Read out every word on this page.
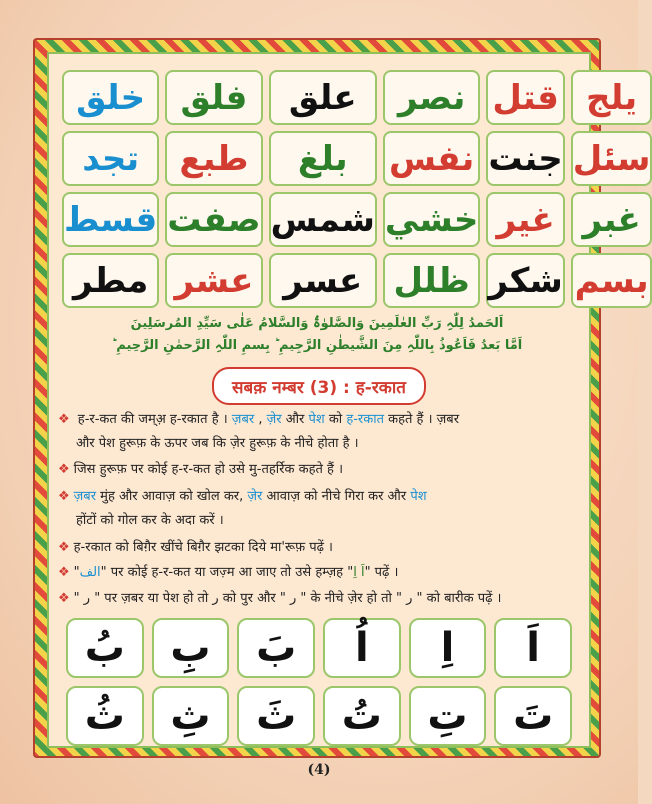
خلق	فلق	علق	نصر قتل يلج
تجد	طبع	بلغ	نفس جنت سئل
قسط صفت شمس خشي غير غبر
مطر عشر عسر ظلل شكر بسم
اَلحَمدُ لِلّٰہِ رَبِّ العٰلَمِينَ وَالصَّلوٰۃُ وَالسَّلامُ عَلٰی سَیِّدِ المُرسَلِینَ
اَمَّا بَعدُ فَاَعُوذُ بِاللّٰہِ مِنَ الشَّیطٰنِ الرَّجِیمِ ؕ بِسمِ اللّٰہِ الرَّحمٰنِ الرَّحِیمِ ؕ
सबक़ नम्बर (3) : ह-रकात
❖ ह-र-कत की जम्अ़ ह-रकात है । ज़बर , ज़ेर और पेश को ह-रकात कहते हैं । ज़बर
और पेश हुरूफ़ के ऊपर जब कि ज़ेर हुरूफ़ के नीचे होता है ।
❖ जिस हुरूफ़ पर कोई ह-र-कत हो उसे मु-तहर्रिक कहते हैं ।
❖ ज़बर मुंह और आवाज़ को खोल कर, ज़ेर आवाज़ को नीचे गिरा कर और पेश
होंटों को गोल कर के अदा करें ।
❖ ह-रकात को बिग़ैर खींचे बिग़ैर झटका दिये मा'रूफ़ पढ़ें ।
❖ "الف" पर कोई ह-र-कत या जज़्म आ जाए तो उसे हम्ज़ह "اَ اِ" पढ़ें ।
❖ " ر " पर ज़बर या पेश हो तो ر को पुर और " ر " के नीचे ज़ेर हो तो " ر " को बारीक पढ़ें ।
بُ	بِ	بَ	اُ	اِ	اَ
ثُ	ثِ	ثَ	تُ	تِ	تَ
(4)
